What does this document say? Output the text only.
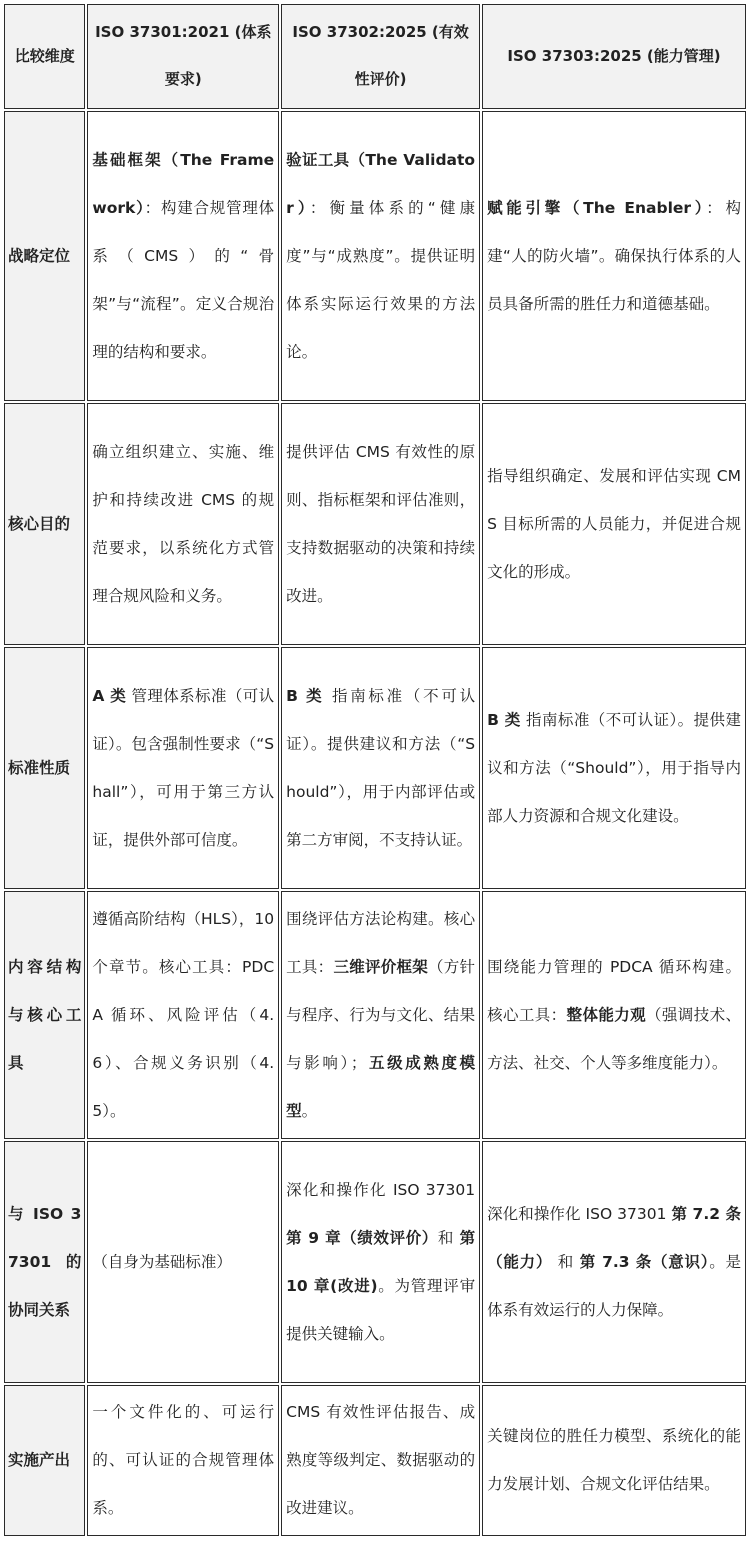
比较维度	ISO 37301:2021 (体系要求)	ISO 37302:2025 (有效性评价)	ISO 37303:2025 (能力管理)
战略定位	基础框架（The Framework）：构建合规管理体系（CMS）的“骨架”与“流程”。定义合规治理的结构和要求。	验证工具（The Validator）：衡量体系的“健康度”与“成熟度”。提供证明体系实际运行效果的方法论。	赋能引擎（The Enabler）：构建“人的防火墙”。确保执行体系的人员具备所需的胜任力和道德基础。
核心目的	确立组织建立、实施、维护和持续改进 CMS 的规范要求，以系统化方式管理合规风险和义务。	提供评估 CMS 有效性的原则、指标框架和评估准则，支持数据驱动的决策和持续改进。	指导组织确定、发展和评估实现 CMS 目标所需的人员能力，并促进合规文化的形成。
标准性质	A 类 管理体系标准（可认证）。包含强制性要求（“Shall”），可用于第三方认证，提供外部可信度。	B 类 指南标准（不可认证）。提供建议和方法（“Should”），用于内部评估或第二方审阅，不支持认证。	B 类 指南标准（不可认证）。提供建议和方法（“Should”），用于指导内部人力资源和合规文化建设。
内容结构与核心工具	遵循高阶结构（HLS），10 个章节。核心工具：PDCA 循环、风险评估（4.6）、合规义务识别（4.5）。	围绕评估方法论构建。核心工具：三维评价框架（方针与程序、行为与文化、结果与影响）；五级成熟度模型。	围绕能力管理的 PDCA 循环构建。核心工具：整体能力观（强调技术、方法、社交、个人等多维度能力）。
与 ISO 37301 的协同关系	（自身为基础标准）	深化和操作化 ISO 37301 第 9 章（绩效评价）和 第 10 章(改进)。为管理评审提供关键输入。	深化和操作化 ISO 37301 第 7.2 条（能力） 和 第 7.3 条（意识）。是体系有效运行的人力保障。
实施产出	一个文件化的、可运行的、可认证的合规管理体系。	CMS 有效性评估报告、成熟度等级判定、数据驱动的改进建议。	关键岗位的胜任力模型、系统化的能力发展计划、合规文化评估结果。
